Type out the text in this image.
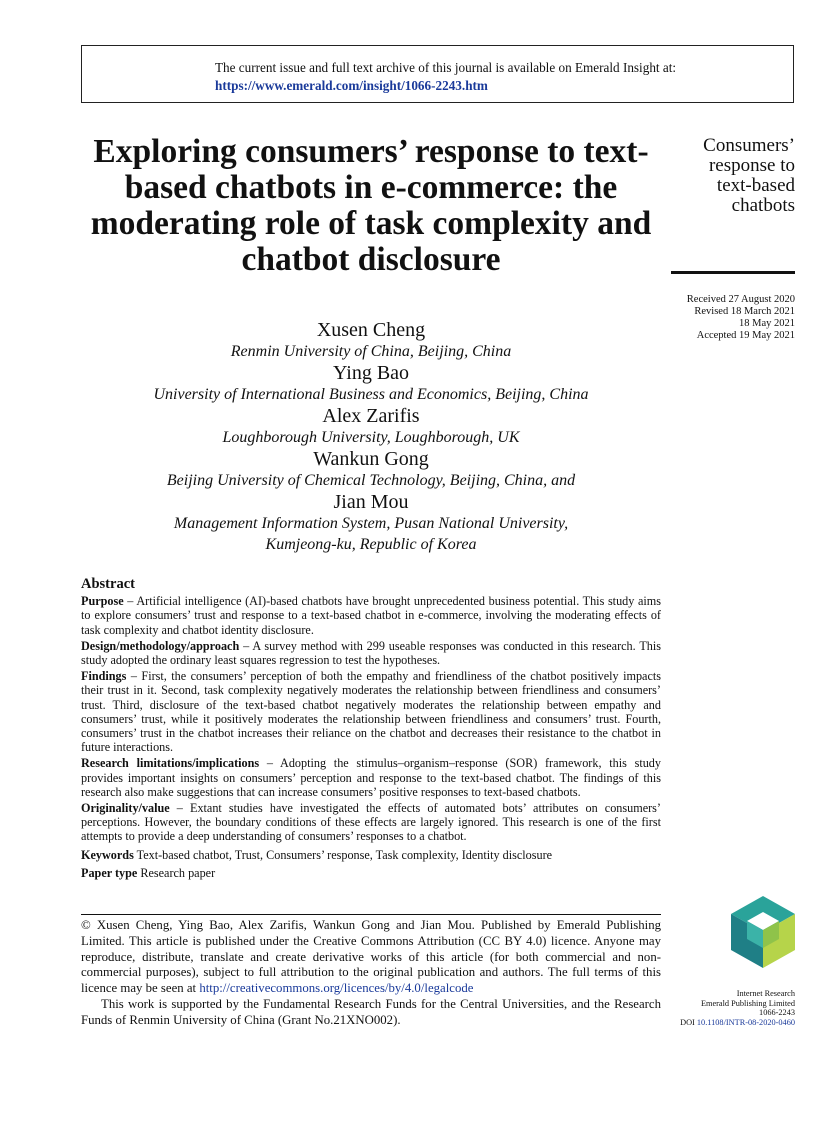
The current issue and full text archive of this journal is available on Emerald Insight at:
https://www.emerald.com/insight/1066-2243.htm
Exploring consumers’ response to text-based chatbots in e-commerce: the moderating role of task complexity and chatbot disclosure
Consumers’
response to
text-based
chatbots
Received 27 August 2020
Revised 18 March 2021
18 May 2021
Accepted 19 May 2021
Xusen Cheng
Renmin University of China, Beijing, China
Ying Bao
University of International Business and Economics, Beijing, China
Alex Zarifis
Loughborough University, Loughborough, UK
Wankun Gong
Beijing University of Chemical Technology, Beijing, China, and
Jian Mou
Management Information System, Pusan National University,
Kumjeong-ku, Republic of Korea
Abstract

Purpose – Artificial intelligence (AI)-based chatbots have brought unprecedented business potential. This study aims to explore consumers’ trust and response to a text-based chatbot in e-commerce, involving the moderating effects of task complexity and chatbot identity disclosure.

Design/methodology/approach – A survey method with 299 useable responses was conducted in this research. This study adopted the ordinary least squares regression to test the hypotheses.

Findings – First, the consumers’ perception of both the empathy and friendliness of the chatbot positively impacts their trust in it. Second, task complexity negatively moderates the relationship between friendliness and consumers’ trust. Third, disclosure of the text-based chatbot negatively moderates the relationship between empathy and consumers’ trust, while it positively moderates the relationship between friendliness and consumers’ trust. Fourth, consumers’ trust in the chatbot increases their reliance on the chatbot and decreases their resistance to the chatbot in future interactions.

Research limitations/implications – Adopting the stimulus–organism–response (SOR) framework, this study provides important insights on consumers’ perception and response to the text-based chatbot. The findings of this research also make suggestions that can increase consumers’ positive responses to text-based chatbots.

Originality/value – Extant studies have investigated the effects of automated bots’ attributes on consumers’ perceptions. However, the boundary conditions of these effects are largely ignored. This research is one of the first attempts to provide a deep understanding of consumers’ responses to a chatbot.

Keywords Text-based chatbot, Trust, Consumers’ response, Task complexity, Identity disclosure

Paper type Research paper

© Xusen Cheng, Ying Bao, Alex Zarifis, Wankun Gong and Jian Mou. Published by Emerald Publishing Limited. This article is published under the Creative Commons Attribution (CC BY 4.0) licence. Anyone may reproduce, distribute, translate and create derivative works of this article (for both commercial and non-commercial purposes), subject to full attribution to the original publication and authors. The full terms of this licence may be seen at http://creativecommons.org/licences/by/4.0/legalcode

This work is supported by the Fundamental Research Funds for the Central Universities, and the Research Funds of Renmin University of China (Grant No.21XNO002).

Internet Research
Emerald Publishing Limited
1066-2243
DOI 10.1108/INTR-08-2020-0460
